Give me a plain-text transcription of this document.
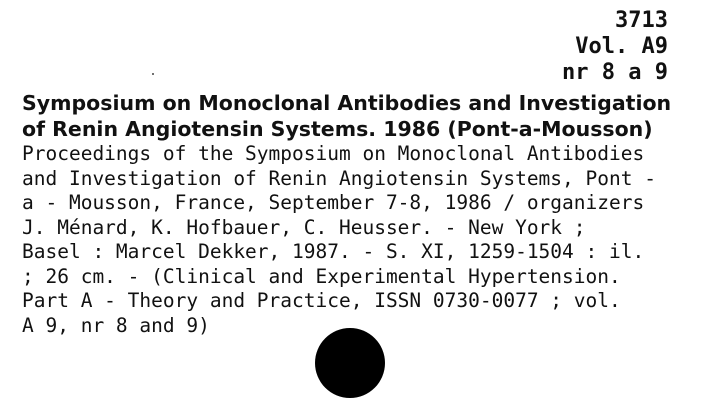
3713
Vol. A9
nr 8 a 9
Symposium on Monoclonal Antibodies and Investigation
of Renin Angiotensin Systems. 1986 (Pont-a-Mousson)
Proceedings of the Symposium on Monoclonal Antibodies
and Investigation of Renin Angiotensin Systems, Pont -
a - Mousson, France, September 7-8, 1986 / organizers
J. Ménard, K. Hofbauer, C. Heusser. - New York ;
Basel : Marcel Dekker, 1987. - S. XI, 1259-1504 : il.
; 26 cm. - (Clinical and Experimental Hypertension.
Part A - Theory and Practice, ISSN 0730-0077 ; vol.
A 9, nr 8 and 9)
